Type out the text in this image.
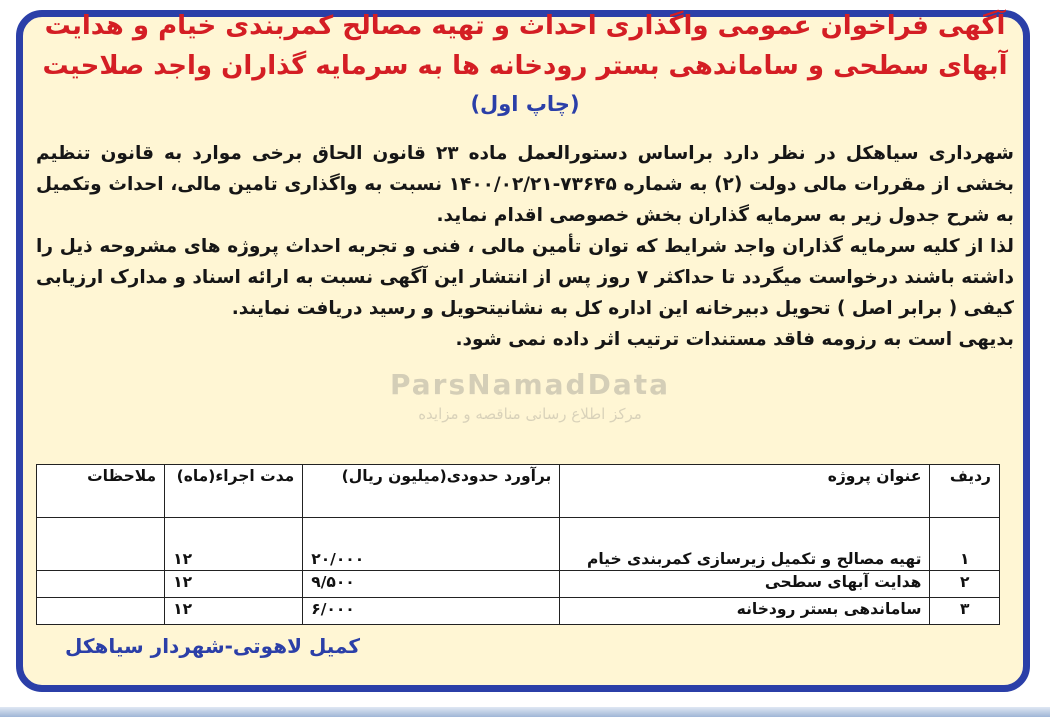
آگهی فراخوان عمومی واگذاری احداث و تهیه مصالح کمربندی خیام و هدایت آبهای سطحی و ساماندهی بستر رودخانه ها به سرمایه گذاران واجد صلاحیت
(چاپ اول)

شهرداری سیاهکل در نظر دارد براساس دستورالعمل ماده ۲۳ قانون الحاق برخی موارد به قانون تنظیم بخشی از مقررات مالی دولت (۲) به شماره ۷۳۶۴۵-۱۴۰۰/۰۲/۲۱ نسبت به واگذاری تامین مالی، احداث وتکمیل به شرح جدول زیر به سرمایه گذاران بخش خصوصی اقدام نماید.

لذا از کلیه سرمایه گذاران واجد شرایط که توان تأمین مالی ، فنی و تجربه احداث پروژه های مشروحه ذیل را داشته باشند درخواست میگردد تا حداکثر ۷ روز پس از انتشار این آگهی نسبت به ارائه اسناد و مدارک ارزیابی کیفی ( برابر اصل ) تحویل دبیرخانه این اداره کل به نشانیتحویل و رسید دریافت نمایند.

بدیهی است به رزومه فاقد مستندات ترتیب اثر داده نمی شود.

ParsNamadData
مرکز اطلاع رسانی مناقصه و مزایده
ردیف	عنوان پروژه	برآورد حدودی(میلیون ریال)	مدت اجراء(ماه)	ملاحظات
۱	تهیه مصالح و تکمیل زیرسازی کمربندی خیام	۲۰/۰۰۰	۱۲	
۲	هدایت آبهای سطحی	۹/۵۰۰	۱۲	
۳	ساماندهی بستر رودخانه	۶/۰۰۰	۱۲	
کمیل لاهوتی-شهردار سیاهکل
